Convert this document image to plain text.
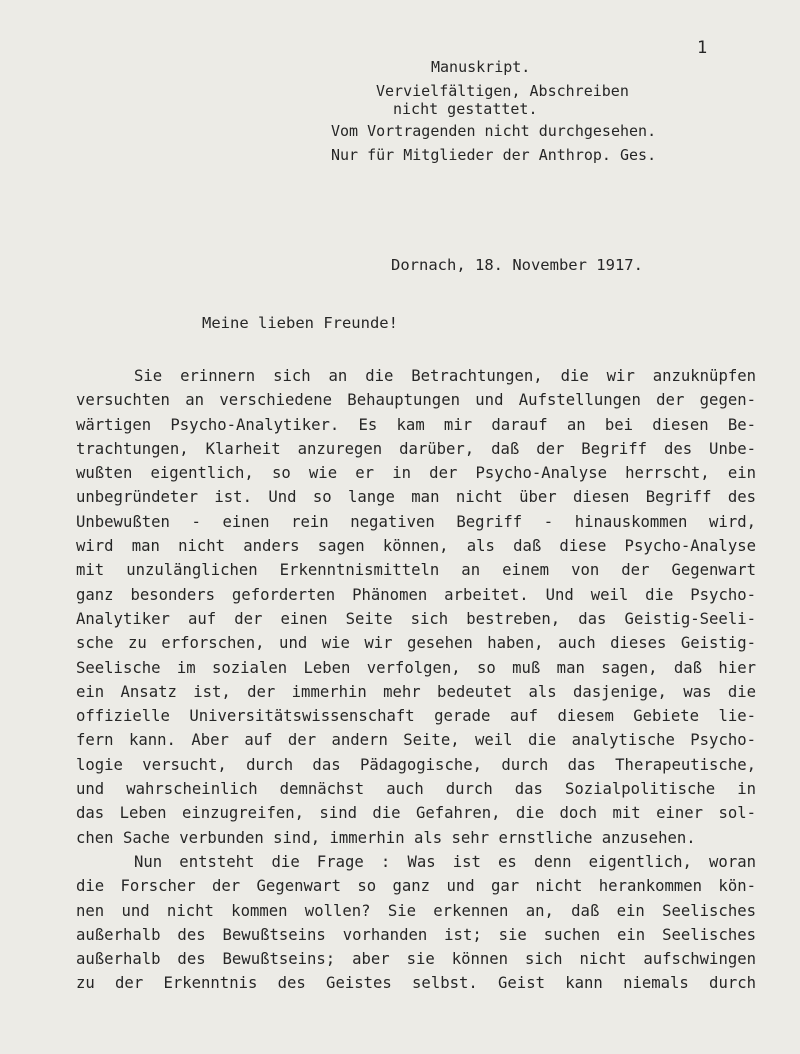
1
Manuskript.
Vervielfältigen, Abschreiben
nicht gestattet.
Vom Vortragenden nicht durchgesehen.
Nur für Mitglieder der Anthrop. Ges.
Dornach, 18. November 1917.
Meine lieben Freunde!
Sie erinnern sich an die Betrachtungen, die wir anzuknüpfen
versuchten an verschiedene Behauptungen und Aufstellungen der gegen-
wärtigen Psycho-Analytiker. Es kam mir darauf an bei diesen Be-
trachtungen, Klarheit anzuregen darüber, daß der Begriff des Unbe-
wußten eigentlich, so wie er in der Psycho-Analyse herrscht, ein
unbegründeter ist. Und so lange man nicht über diesen Begriff des
Unbewußten - einen rein negativen Begriff - hinauskommen wird,
wird man nicht anders sagen können, als daß diese Psycho-Analyse
mit unzulänglichen Erkenntnismitteln an einem von der Gegenwart
ganz besonders geforderten Phänomen arbeitet. Und weil die Psycho-
Analytiker auf der einen Seite sich bestreben, das Geistig-Seeli-
sche zu erforschen, und wie wir gesehen haben, auch dieses Geistig-
Seelische im sozialen Leben verfolgen, so muß man sagen, daß hier
ein Ansatz ist, der immerhin mehr bedeutet als dasjenige, was die
offizielle Universitätswissenschaft gerade auf diesem Gebiete lie-
fern kann. Aber auf der andern Seite, weil die analytische Psycho-
logie versucht, durch das Pädagogische, durch das Therapeutische,
und wahrscheinlich demnächst auch durch das Sozialpolitische in
das Leben einzugreifen, sind die Gefahren, die doch mit einer sol-
chen Sache verbunden sind, immerhin als sehr ernstliche anzusehen.
Nun entsteht die Frage : Was ist es denn eigentlich, woran
die Forscher der Gegenwart so ganz und gar nicht herankommen kön-
nen und nicht kommen wollen? Sie erkennen an, daß ein Seelisches
außerhalb des Bewußtseins vorhanden ist; sie suchen ein Seelisches
außerhalb des Bewußtseins; aber sie können sich nicht aufschwingen
zu der Erkenntnis des Geistes selbst. Geist kann niemals durch
